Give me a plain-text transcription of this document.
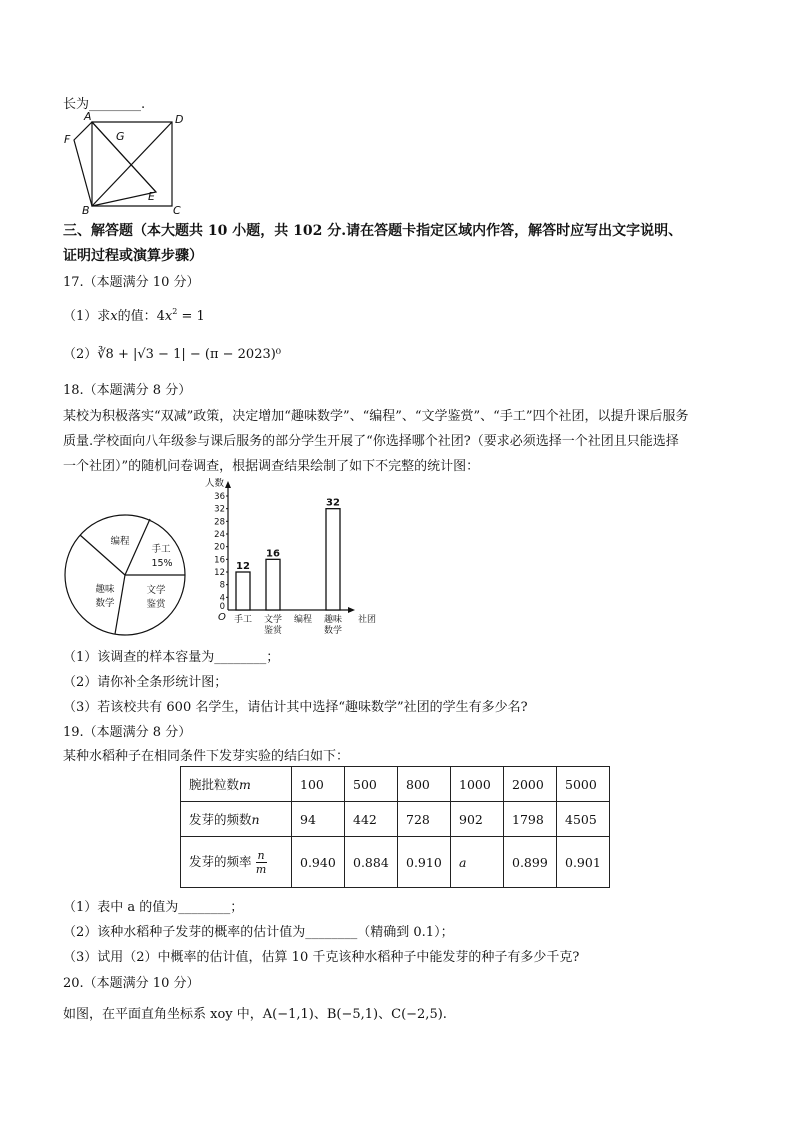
长为________.
A	D
F	G
E
B	C
三、解答题（本大题共 10 小题，共 102 分.请在答题卡指定区域内作答，解答时应写出文字说明、
证明过程或演算步骤）
17.（本题满分 10 分）
（1）求x的值：$4x^2 = 1$
（2）∛8 + |√3 − 1| − (π − 2023)⁰
18.（本题满分 8 分）
某校为积极落实“双减”政策，决定增加“趣味数学”、“编程”、“文学鉴赏”、“手工”四个社团，以提升课后服务
质量.学校面向八年级参与课后服务的部分学生开展了“你选择哪个社团?（要求必须选择一个社团且只能选择
一个社团）”的随机问卷调查，根据调查结果绘制了如下不完整的统计图：
编程
手工
15%
文学
鉴赏
趣味
数学
人数
社团
O
0
4
8
12
16
20
24
28
32
36
12
手工
16
文学
鉴赏
编程
32
趣味
数学
（1）该调查的样本容量为________；
（2）请你补全条形统计图；
（3）若该校共有 600 名学生，请估计其中选择“趣味数学”社团的学生有多少名?
19.（本题满分 8 分）
某种水稻种子在相同条件下发芽实验的结臼如下：
腕批粒数m	100	500	800	1000	2000	5000
发芽的频数n	94	442	728	902	1798	4505
发芽的频率 $\frac{n}{m}$	0.940	0.884	0.910	a	0.899	0.901
（1）表中 a 的值为________；
（2）该种水稻种子发芽的概率的估计值为________（精确到 0.1）；
（3）试用（2）中概率的估计值，估算 10 千克该种水稻种子中能发芽的种子有多少千克?
20.（本题满分 10 分）
如图，在平面直角坐标系 xoy 中，A(−1,1)、B(−5,1)、C(−2,5).
